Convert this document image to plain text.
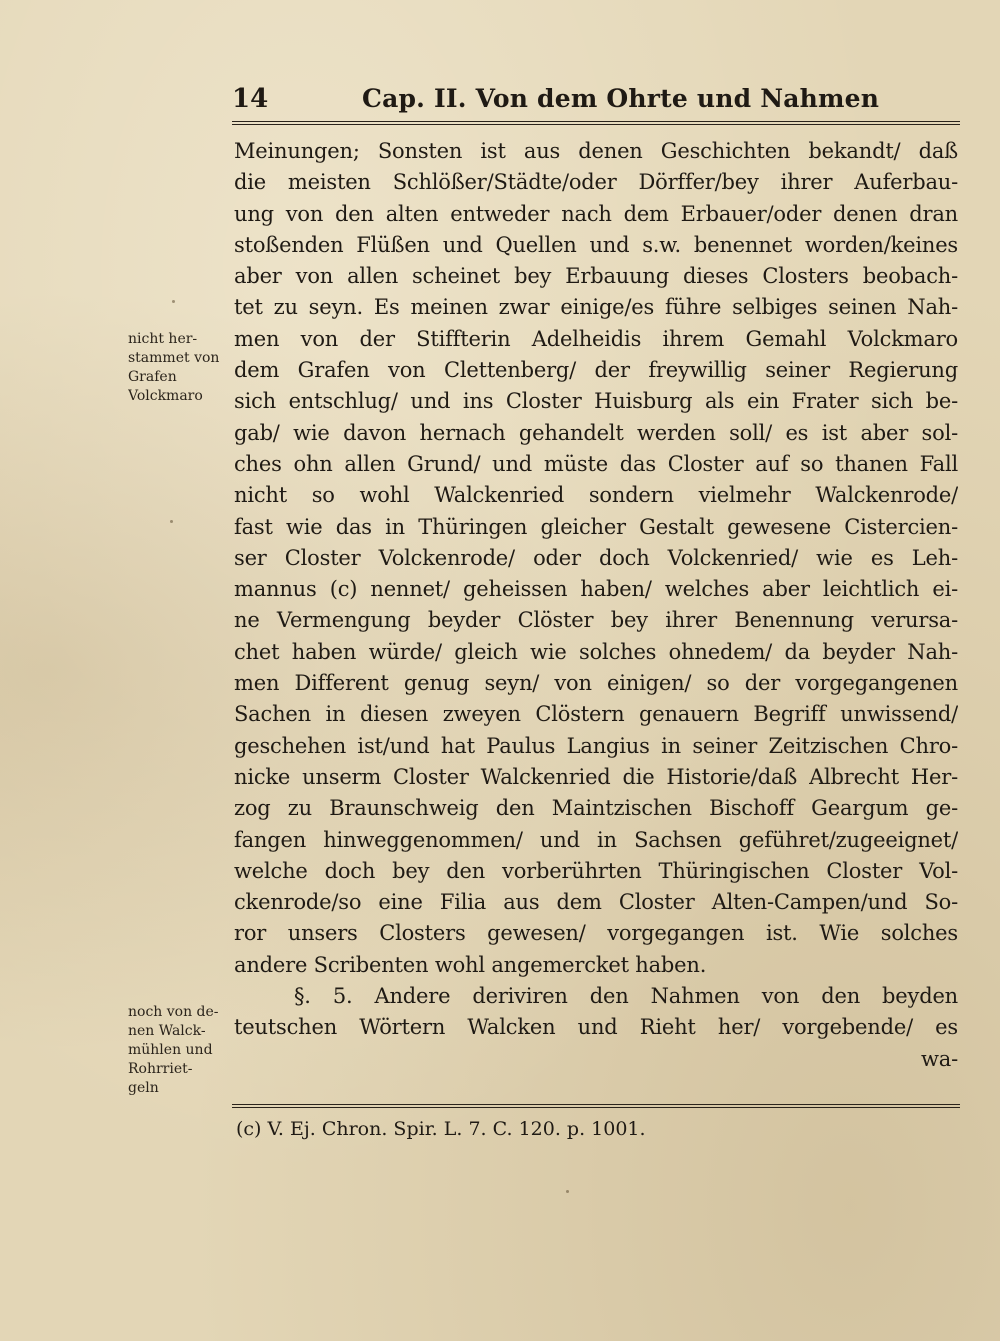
14	Cap. II. Von dem Ohrte und Nahmen
Meinungen; Sonsten ist aus denen Geschichten bekandt/ daß
die meisten Schlößer/Städte/oder Dörffer/bey ihrer Auferbau-
ung von den alten entweder nach dem Erbauer/oder denen dran
stoßenden Flüßen und Quellen und s.w. benennet worden/keines
aber von allen scheinet bey Erbauung dieses Closters beobach-
tet zu seyn. Es meinen zwar einige/es führe selbiges seinen Nah-
men von der Stiffterin Adelheidis ihrem Gemahl Volckmaro
dem Grafen von Clettenberg/ der freywillig seiner Regierung
sich entschlug/ und ins Closter Huisburg als ein Frater sich be-
gab/ wie davon hernach gehandelt werden soll/ es ist aber sol-
ches ohn allen Grund/ und müste das Closter auf so thanen Fall
nicht so wohl Walckenried sondern vielmehr Walckenrode/
fast wie das in Thüringen gleicher Gestalt gewesene Cistercien-
ser Closter Volckenrode/ oder doch Volckenried/ wie es Leh-
mannus (c) nennet/ geheissen haben/ welches aber leichtlich ei-
ne Vermengung beyder Clöster bey ihrer Benennung verursa-
chet haben würde/ gleich wie solches ohnedem/ da beyder Nah-
men Different genug seyn/ von einigen/ so der vorgegangenen
Sachen in diesen zweyen Clöstern genauern Begriff unwissend/
geschehen ist/und hat Paulus Langius in seiner Zeitzischen Chro-
nicke unserm Closter Walckenried die Historie/daß Albrecht Her-
zog zu Braunschweig den Maintzischen Bischoff Geargum ge-
fangen hinweggenommen/ und in Sachsen geführet/zugeeignet/
welche doch bey den vorberührten Thüringischen Closter Vol-
ckenrode/so eine Filia aus dem Closter Alten-Campen/und So-
ror unsers Closters gewesen/ vorgegangen ist. Wie solches
andere Scribenten wohl angemercket haben.
§. 5. Andere deriviren den Nahmen von den beyden
teutschen Wörtern Walcken und Rieht her/ vorgebende/ es
wa-
nicht her-
stammet von
Grafen
Volckmaro
noch von de-
nen Walck-
mühlen und
Rohrriet-
geln
(c) V. Ej. Chron. Spir. L. 7. C. 120. p. 1001.
